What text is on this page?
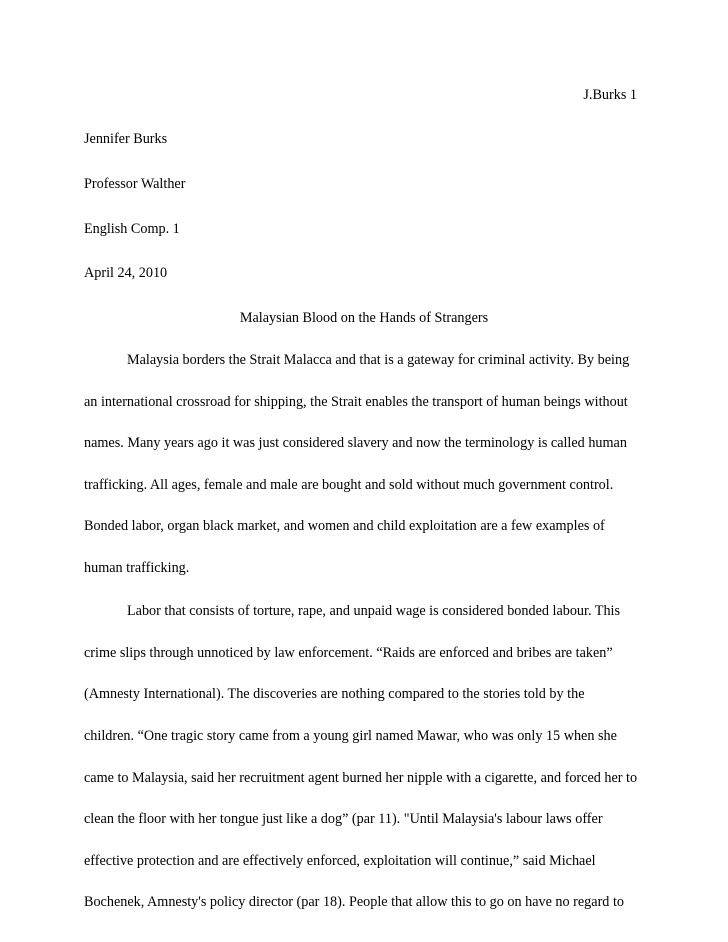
J.Burks 1
Jennifer Burks
Professor Walther
English Comp. 1
April 24, 2010
Malaysian Blood on the Hands of Strangers
Malaysia borders the Strait Malacca and that is a gateway for criminal activity. By being
an international crossroad for shipping, the Strait enables the transport of human beings without
names. Many years ago it was just considered slavery and now the terminology is called human
trafficking. All ages, female and male are bought and sold without much government control.
Bonded labor, organ black market, and women and child exploitation are a few examples of
human trafficking.
Labor that consists of torture, rape, and unpaid wage is considered bonded labour. This
crime slips through unnoticed by law enforcement. “Raids are enforced and bribes are taken”
(Amnesty International). The discoveries are nothing compared to the stories told by the
children. “One tragic story came from a young girl named Mawar, who was only 15 when she
came to Malaysia, said her recruitment agent burned her nipple with a cigarette, and forced her to
clean the floor with her tongue just like a dog” (par 11). "Until Malaysia's labour laws offer
effective protection and are effectively enforced, exploitation will continue,” said Michael
Bochenek, Amnesty's policy director (par 18). People that allow this to go on have no regard to
